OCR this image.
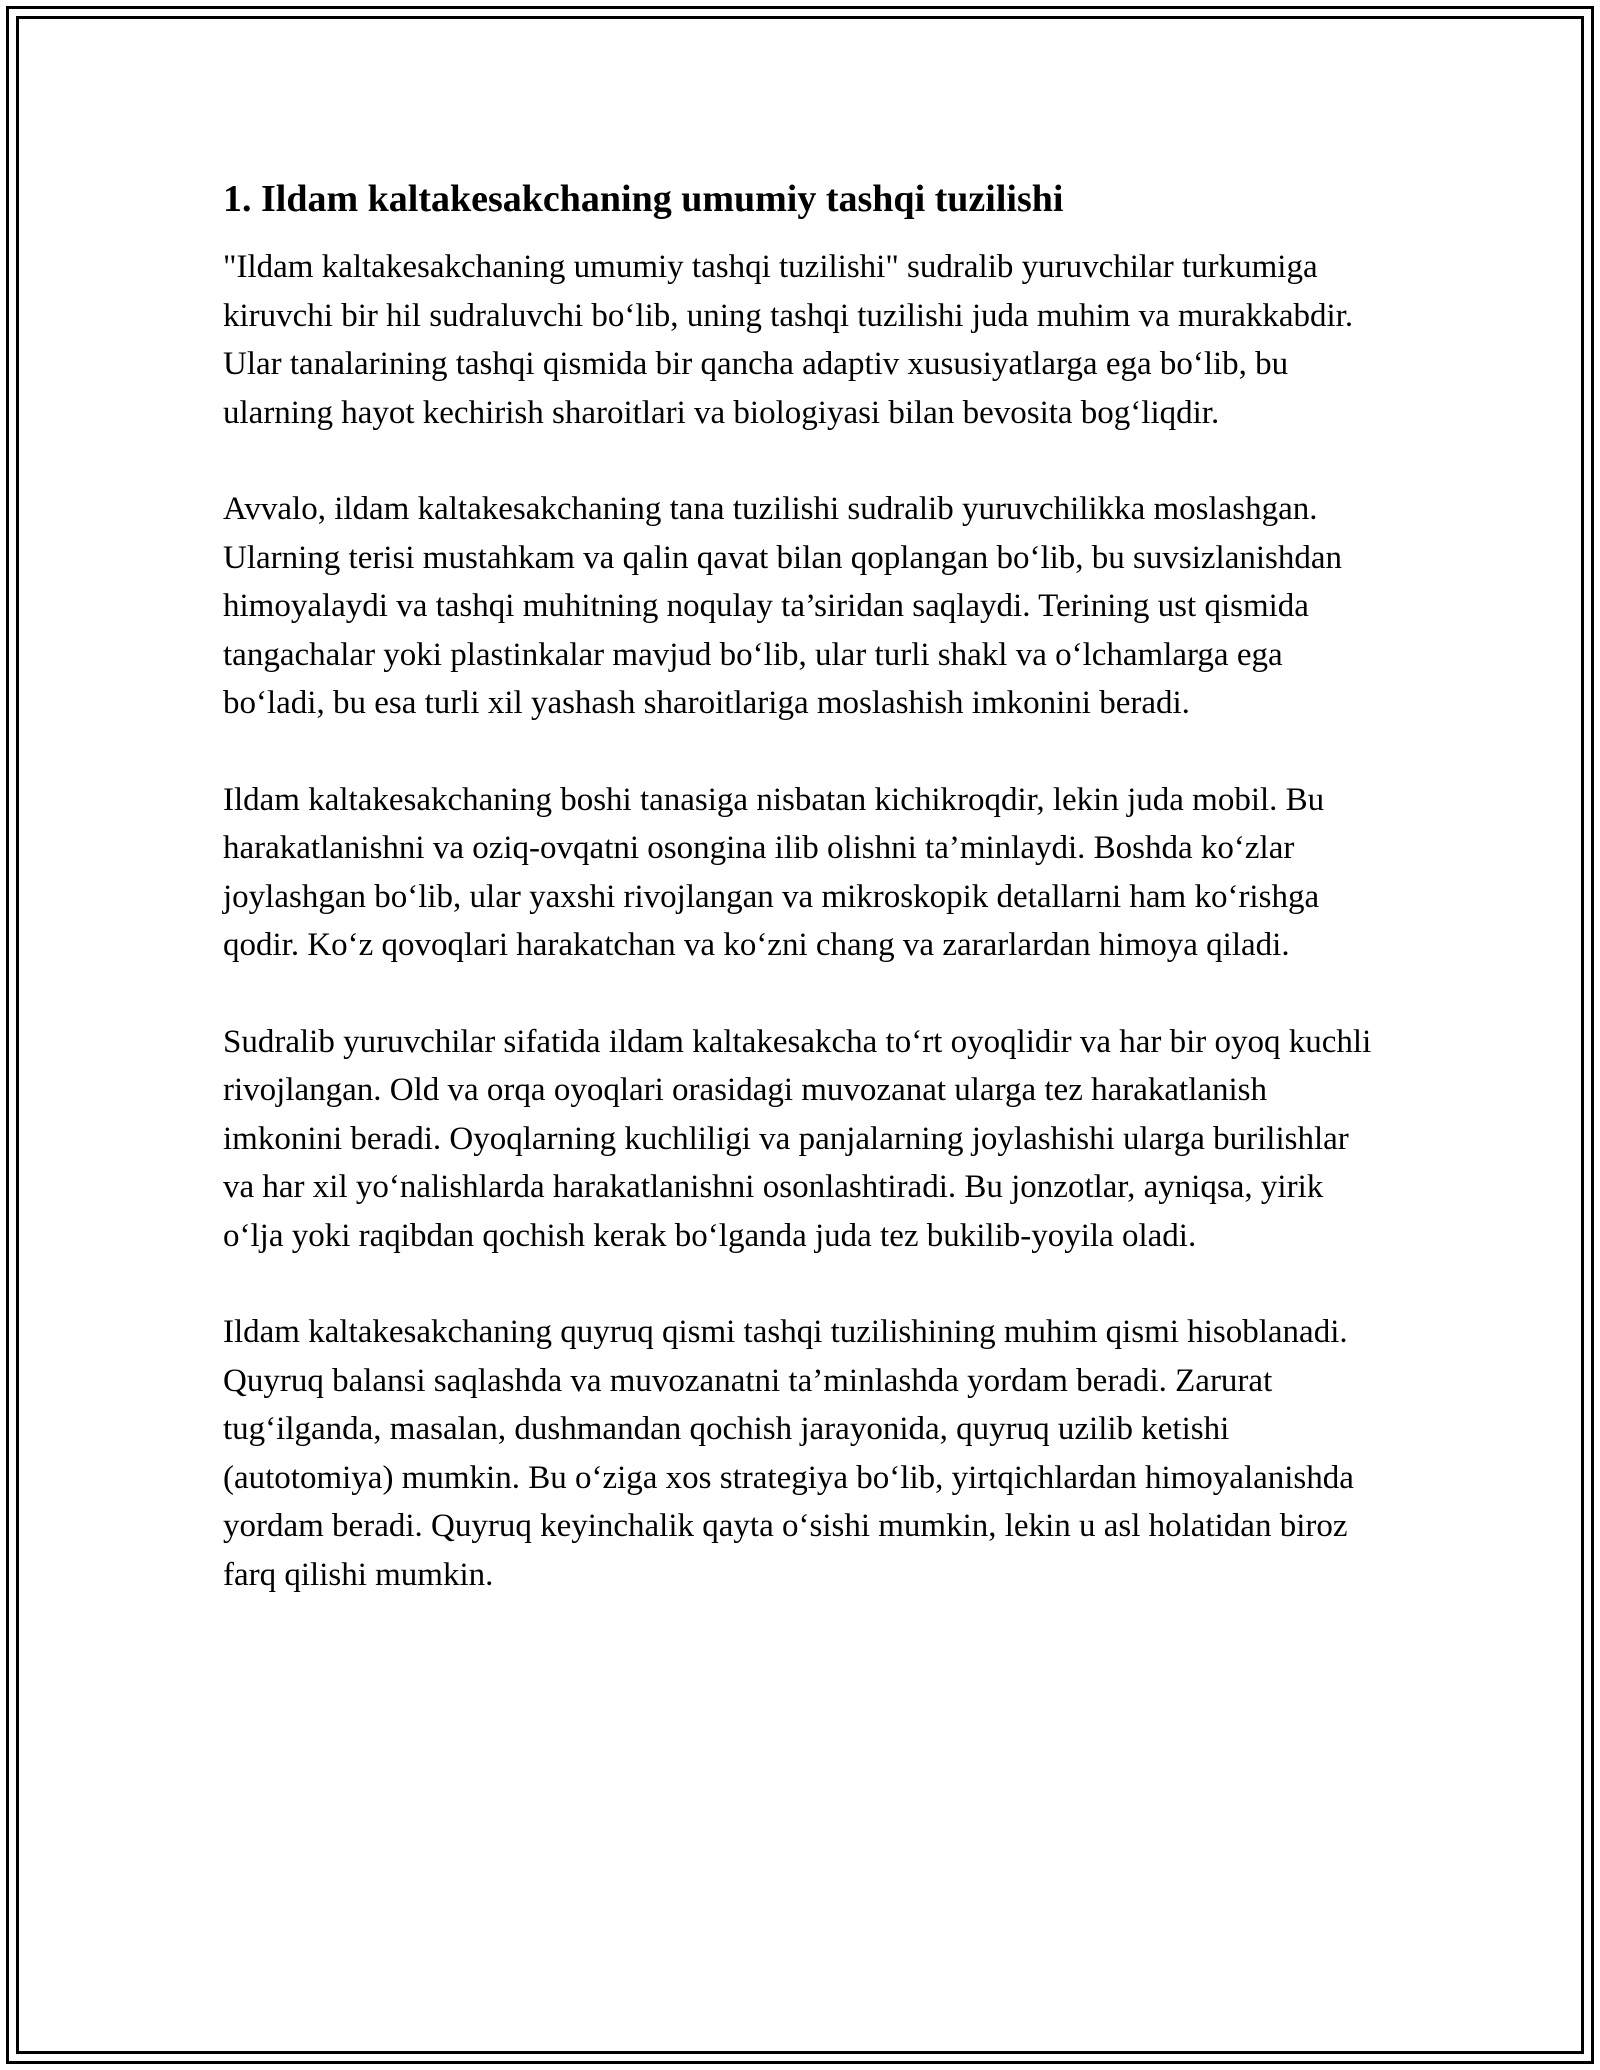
1. Ildam kaltakesakchaning umumiy tashqi tuzilishi

"Ildam kaltakesakchaning umumiy tashqi tuzilishi" sudralib yuruvchilar turkumiga kiruvchi bir hil sudraluvchi bo‘lib, uning tashqi tuzilishi juda muhim va murakkabdir. Ular tanalarining tashqi qismida bir qancha adaptiv xususiyatlarga ega bo‘lib, bu ularning hayot kechirish sharoitlari va biologiyasi bilan bevosita bog‘liqdir.

Avvalo, ildam kaltakesakchaning tana tuzilishi sudralib yuruvchilikka moslashgan. Ularning terisi mustahkam va qalin qavat bilan qoplangan bo‘lib, bu suvsizlanishdan himoyalaydi va tashqi muhitning noqulay ta’siridan saqlaydi. Terining ust qismida tangachalar yoki plastinkalar mavjud bo‘lib, ular turli shakl va o‘lchamlarga ega bo‘ladi, bu esa turli xil yashash sharoitlariga moslashish imkonini beradi.

Ildam kaltakesakchaning boshi tanasiga nisbatan kichikroqdir, lekin juda mobil. Bu harakatlanishni va oziq-ovqatni osongina ilib olishni ta’minlaydi. Boshda ko‘zlar joylashgan bo‘lib, ular yaxshi rivojlangan va mikroskopik detallarni ham ko‘rishga qodir. Ko‘z qovoqlari harakatchan va ko‘zni chang va zararlardan himoya qiladi.

Sudralib yuruvchilar sifatida ildam kaltakesakcha to‘rt oyoqlidir va har bir oyoq kuchli rivojlangan. Old va orqa oyoqlari orasidagi muvozanat ularga tez harakatlanish imkonini beradi. Oyoqlarning kuchliligi va panjalarning joylashishi ularga burilishlar va har xil yo‘nalishlarda harakatlanishni osonlashtiradi. Bu jonzotlar, ayniqsa, yirik o‘lja yoki raqibdan qochish kerak bo‘lganda juda tez bukilib-yoyila oladi.

Ildam kaltakesakchaning quyruq qismi tashqi tuzilishining muhim qismi hisoblanadi. Quyruq balansi saqlashda va muvozanatni ta’minlashda yordam beradi. Zarurat tug‘ilganda, masalan, dushmandan qochish jarayonida, quyruq uzilib ketishi (autotomiya) mumkin. Bu o‘ziga xos strategiya bo‘lib, yirtqichlardan himoyalanishda yordam beradi. Quyruq keyinchalik qayta o‘sishi mumkin, lekin u asl holatidan biroz farq qilishi mumkin.
